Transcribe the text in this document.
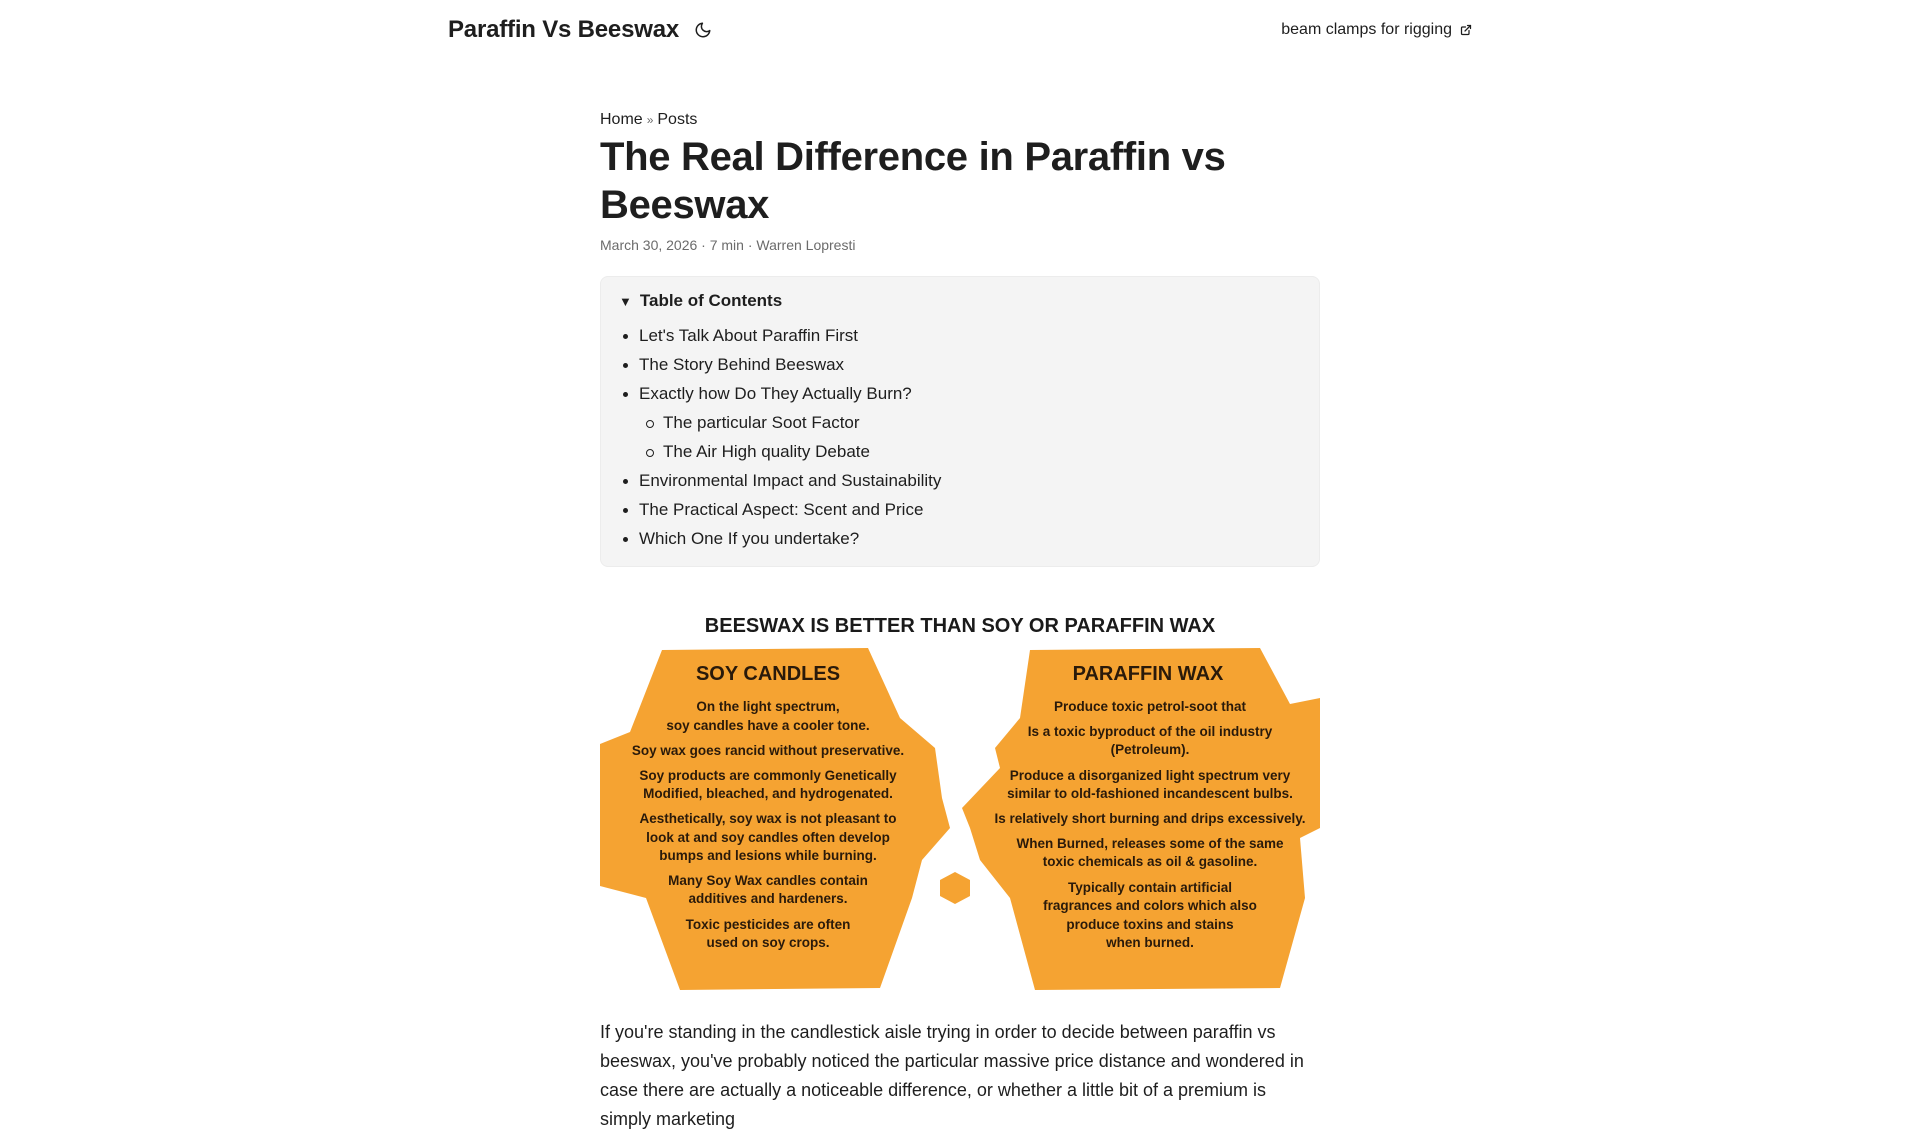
Paraffin Vs Beeswax	beam clamps for rigging
Home » Posts
The Real Difference in Paraffin vs Beeswax
March 30, 2026 · 7 min · Warren Lopresti
▼ Table of Contents
Let's Talk About Paraffin First
The Story Behind Beeswax
Exactly how Do They Actually Burn?
The particular Soot Factor
The Air High quality Debate
Environmental Impact and Sustainability
The Practical Aspect: Scent and Price
Which One If you undertake?
BEESWAX IS BETTER THAN SOY OR PARAFFIN WAX
SOY CANDLES
On the light spectrum,
soy candles have a cooler tone.
Soy wax goes rancid without preservative.
Soy products are commonly Genetically
Modified, bleached, and hydrogenated.
Aesthetically, soy wax is not pleasant to
look at and soy candles often develop
bumps and lesions while burning.
Many Soy Wax candles contain
additives and hardeners.
Toxic pesticides are often
used on soy crops.
PARAFFIN WAX
Produce toxic petrol-soot that
Is a toxic byproduct of the oil industry
(Petroleum).
Produce a disorganized light spectrum very
similar to old-fashioned incandescent bulbs.
Is relatively short burning and drips excessively.
When Burned, releases some of the same
toxic chemicals as oil & gasoline.
Typically contain artificial
fragrances and colors which also
produce toxins and stains
when burned.

If you're standing in the candlestick aisle trying in order to decide between paraffin vs beeswax, you've probably noticed the particular massive price distance and wondered in case there are actually a noticeable difference, or whether a little bit of a premium is simply marketing
